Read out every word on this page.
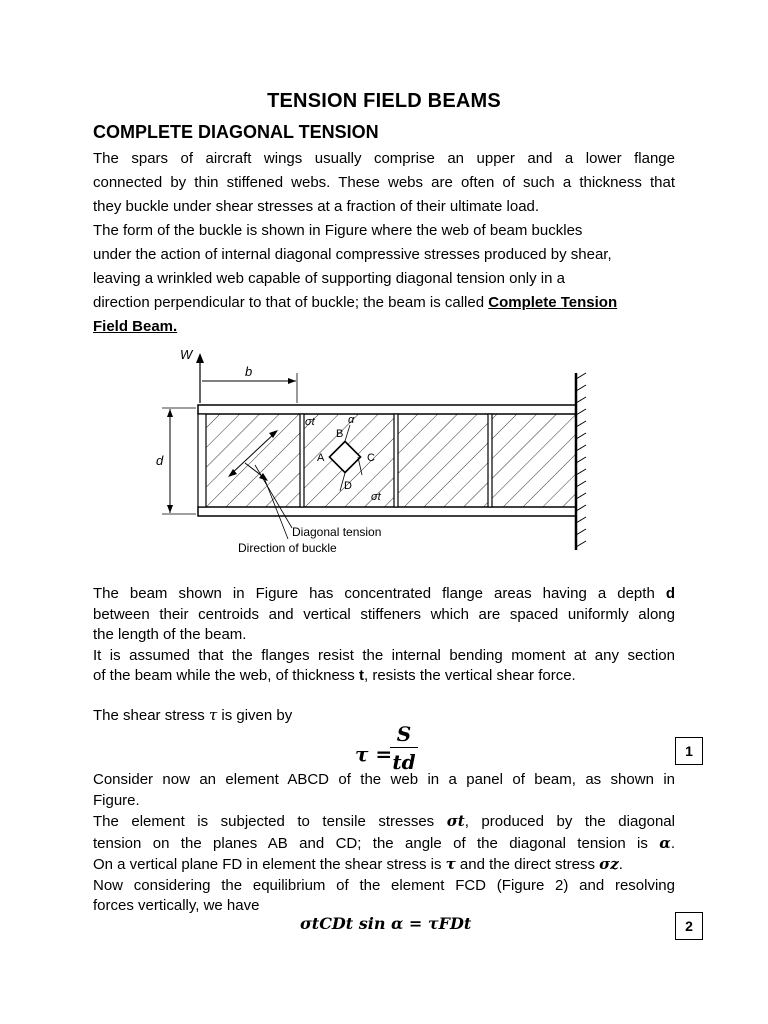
TENSION FIELD BEAMS
COMPLETE DIAGONAL TENSION
The spars of aircraft wings usually comprise an upper and a lower flange
connected by thin stiffened webs. These webs are often of such a thickness that
they buckle under shear stresses at a fraction of their ultimate load.
The form of the buckle is shown in Figure where the web of beam buckles
under the action of internal diagonal compressive stresses produced by shear,
leaving a wrinkled web capable of supporting diagonal tension only in a
direction perpendicular to that of buckle; the beam is called Complete Tension
Field Beam.
W
b
d
σt	α
B
A	C
D
σt
Diagonal tension
Direction of buckle
The beam shown in Figure has concentrated flange areas having a depth d
between their centroids and vertical stiffeners which are spaced uniformly along
the length of the beam.
It is assumed that the flanges resist the internal bending moment at any section
of the beam while the web, of thickness t, resists the vertical shear force.
The shear stress τ is given by
τ =
S
td	1
Consider now an element ABCD of the web in a panel of beam, as shown in
Figure.
The element is subjected to tensile stresses σt, produced by the diagonal
tension on the planes AB and CD; the angle of the diagonal tension is α.
On a vertical plane FD in element the shear stress is τ and the direct stress σz.
Now considering the equilibrium of the element FCD (Figure 2) and resolving
forces vertically, we have
σtCDt sin α = τFDt	2
